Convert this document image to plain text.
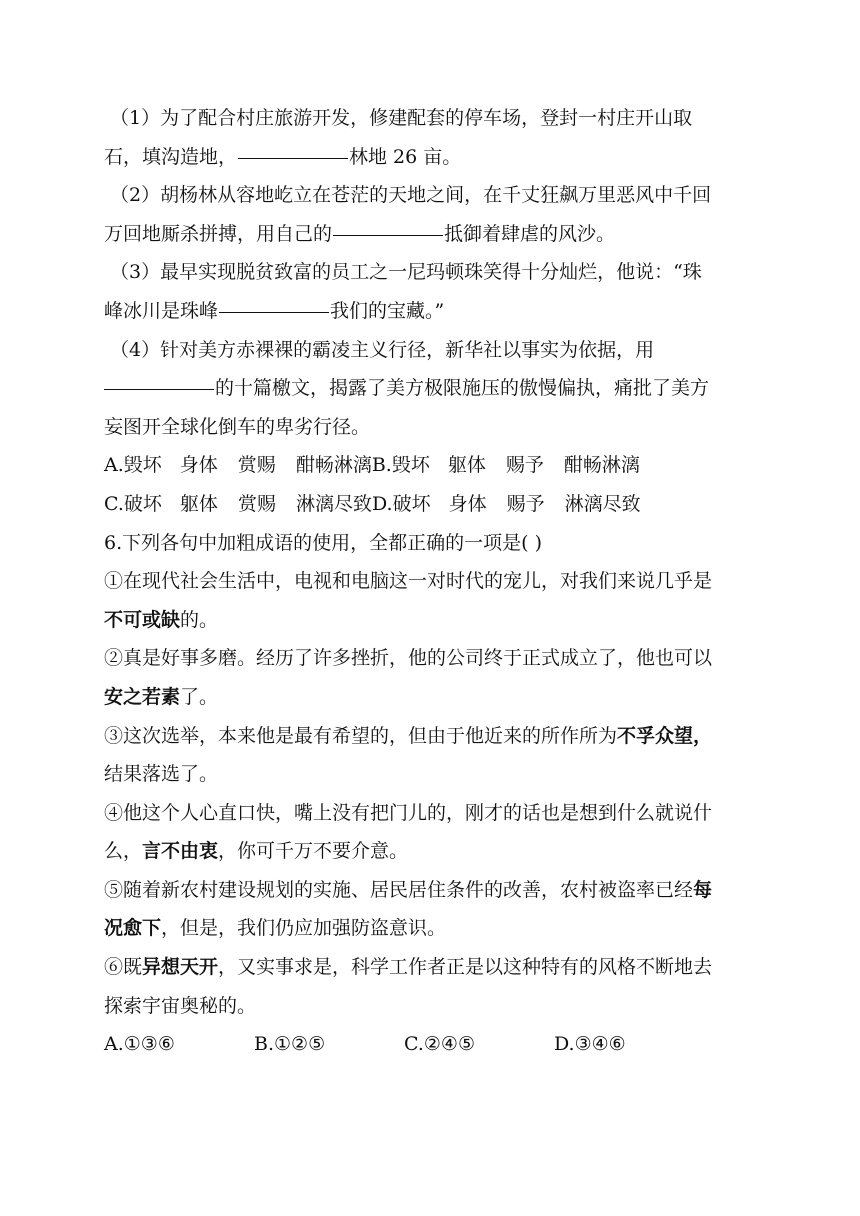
（1）为了配合村庄旅游开发，修建配套的停车场，登封一村庄开山取
石，填沟造地，	林地 26 亩。
（2）胡杨林从容地屹立在苍茫的天地之间，在千丈狂飙万里恶风中千回
万回地厮杀拼搏，用自己的	抵御着肆虐的风沙。
（3）最早实现脱贫致富的员工之一尼玛顿珠笑得十分灿烂，他说：“珠
峰冰川是珠峰	我们的宝藏。”
（4）针对美方赤裸裸的霸凌主义行径，新华社以事实为依据，用
的十篇檄文，揭露了美方极限施压的傲慢偏执，痛批了美方
妄图开全球化倒车的卑劣行径。
A.毁坏 身体 赏赐 酣畅淋漓B.毁坏 躯体 赐予 酣畅淋漓
C.破坏 躯体 赏赐 淋漓尽致D.破坏 身体 赐予 淋漓尽致
6.下列各句中加粗成语的使用，全都正确的一项是( )
①在现代社会生活中，电视和电脑这一对时代的宠儿，对我们来说几乎是
不可或缺的。
②真是好事多磨。经历了许多挫折，他的公司终于正式成立了，他也可以
安之若素了。
③这次选举，本来他是最有希望的，但由于他近来的所作所为不孚众望，
结果落选了。
④他这个人心直口快，嘴上没有把门儿的，刚才的话也是想到什么就说什
么，言不由衷，你可千万不要介意。
⑤随着新农村建设规划的实施、居民居住条件的改善，农村被盗率已经每
况愈下，但是，我们仍应加强防盗意识。
⑥既异想天开，又实事求是，科学工作者正是以这种特有的风格不断地去
探索宇宙奥秘的。
A.①③⑥	B.①②⑤	C.②④⑤	D.③④⑥
